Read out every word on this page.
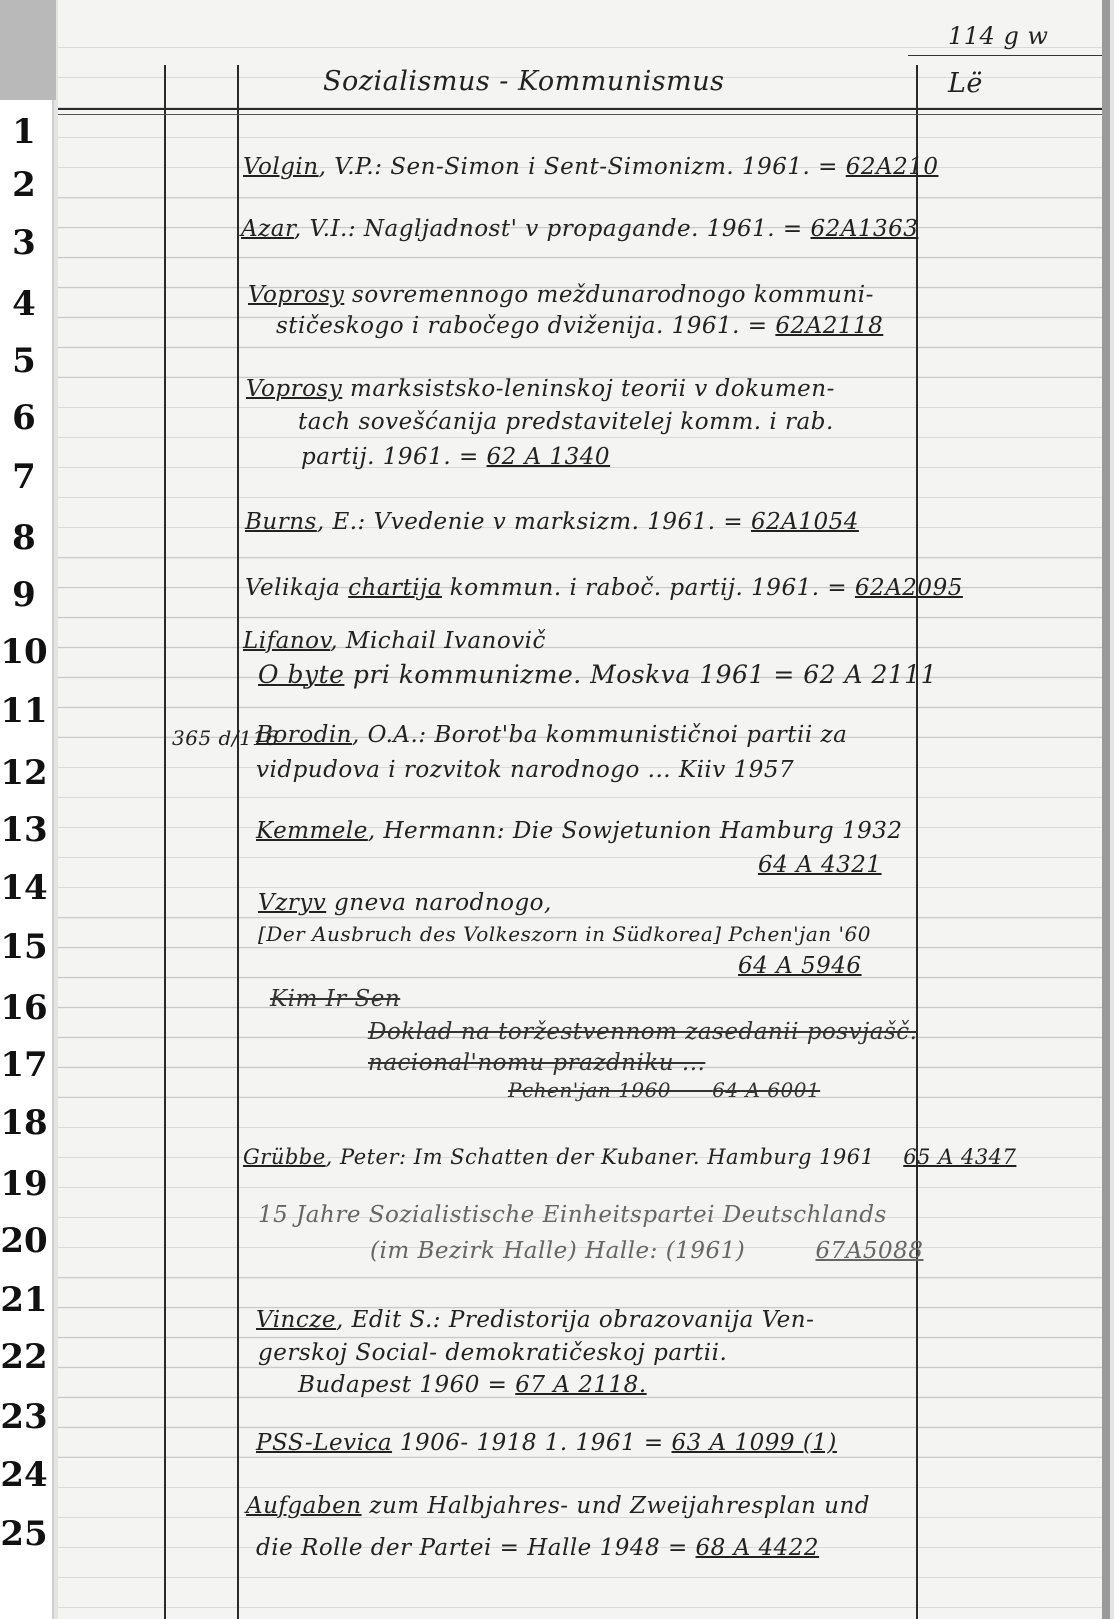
1
2
3
4
5
6
7
8
9
10
11
12
13
14
15
16
17
18
19
20
21
22
23
24
25
114 g w
Sozialismus - Kommunismus	Lë
Volgin, V.P.: Sen-Simon i Sent-Simonizm. 1961. = 62A210
Azar, V.I.: Nagljadnost' v propagande. 1961. = 62A1363
Voprosy sovremennogo meždunarodnogo kommuni-
stičeskogo i rabočego dviženija. 1961. = 62A2118
Voprosy marksistsko-leninskoj teorii v dokumen-
tach sovešćanija predstavitelej komm. i rab.
partij. 1961. = 62 A 1340
Burns, E.: Vvedenie v marksizm. 1961. = 62A1054
Velikaja chartija kommun. i raboč. partij. 1961. = 62A2095
Lifanov, Michail Ivanovič
O byte pri kommunizme. Moskva 1961 = 62 A 2111
365 d/116
Borodin, O.A.: Borot'ba kommunističnoi partii za
vidpudova i rozvitok narodnogo ... Kiiv 1957
Kemmele, Hermann: Die Sowjetunion Hamburg 1932
64 A 4321
Vzryv gneva narodnogo,
[Der Ausbruch des Volkeszorn in Südkorea] Pchen'jan '60
64 A 5946
Kim Ir Sen
Doklad na toržestvennom zasedanii posvjašč.
nacional'nomu prazdniku ...
Pchen'jan 1960 64 A 6001
Grübbe, Peter: Im Schatten der Kubaner. Hamburg 1961 65 A 4347
15 Jahre Sozialistische Einheitspartei Deutschlands
(im Bezirk Halle) Halle: (1961)	67A5088
Vincze, Edit S.: Predistorija obrazovanija Ven-
gerskoj Social- demokratičeskoj partii.
Budapest 1960 = 67 A 2118.
PSS-Levica 1906- 1918 1. 1961 = 63 A 1099 (1)
Aufgaben zum Halbjahres- und Zweijahresplan und
die Rolle der Partei = Halle 1948 = 68 A 4422
